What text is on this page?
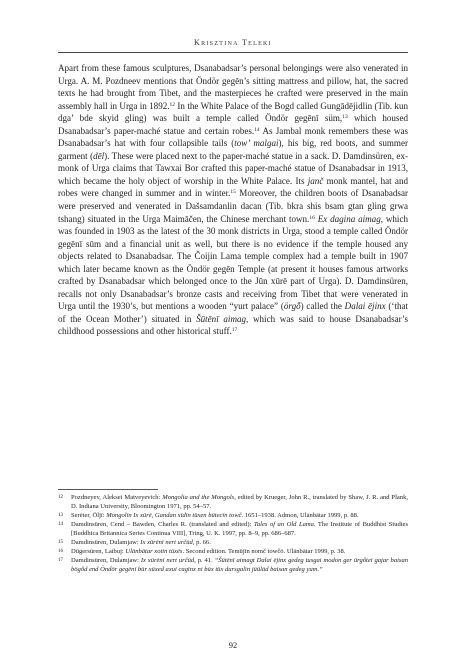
Krisztina Teleki

Apart from these famous sculptures, Dsanabadsar’s personal belongings were also venerated in Urga. A. M. Pozdneev mentions that Öndör gegēn’s sitting mattress and pillow, hat, the sacred texts he had brought from Tibet, and the masterpieces he crafted were preserved in the main assembly hall in Urga in 1892.12 In the White Palace of the Bogd called Gungādējidlin (Tib. kun dga’ bde skyid gling) was built a temple called Öndör gegēnī süm,$^{13}$ which housed Dsanabadsar’s paper-maché statue and certain robes.$^{14}$ As Jambal monk remembers these was Dsanabadsar’s hat with four collapsible tails (tow’ malgai), his big, red boots, and summer garment (dēl). These were placed next to the paper-maché statue in a sack. D. Damdinsüren, ex-monk of Urga claims that Tawxai Bor crafted this paper-maché statue of Dsanabadsar in 1913, which became the holy object of worship in the White Palace. Its janč monk mantel, hat and robes were changed in summer and in winter.$^{15}$ Moreover, the children boots of Dsanabadsar were preserved and venerated in Dašsamdanlin dacan (Tib. bkra shis bsam gtan gling grwa tshang) situated in the Urga Maimāčen, the Chinese merchant town.$^{16}$ Ex dagina aimag, which was founded in 1903 as the latest of the 30 monk districts in Urga, stood a temple called Öndör gegēnī sūm and a financial unit as well, but there is no evidence if the temple housed any objects related to Dsanabadsar. The Čoijin Lama temple complex had a temple built in 1907 which later became known as the Öndör gegēn Temple (at present it houses famous artworks crafted by Dsanabadsar which belonged once to the Jūn xūrē part of Urga). D. Damdinsüren, recalls not only Dsanabadsar’s bronze casts and receiving from Tibet that were venerated in Urga until the 1930’s, but mentions a wooden “yurt palace” (örgȫ) called the Dalai ējinx (‘that of the Ocean Mother’) situated in Šūtēnī aimag, which was said to house Dsanabadsar’s childhood possessions and other historical stuff.$^{17}$

12	Pozdneyev, Aleksei Matveyevich: Mongolia and the Mongols, edited by Krueger, John R., translated by Shaw, J. R. and Plank, D. Indiana University, Bloomington 1971, pp. 54–57.
13	Serēter, Öljī: Mongolīn Ix xürē, Gandan xīdīn tüxen būtecīn towč. 1651–1938. Admon, Ulānbātar 1999, p. 88.
14	Damdinsüren, Cend – Bawden, Charles R. (translated and edited): Tales of an Old Lama. The Institute of Buddhist Studies [Buddhica Britannica Series Continua VIII], Tring, U. K. 1997, pp. 8–9, pp. 686–687.
15	Damdinsüren, Dulamjaw: Ix xürēnī nert určūd, p. 66.
16	Dügersüren, Laibuj: Ulānbātar xotīn tüxēs. Second edition. Temüjīn nomč towčō. Ulānbātar 1999, p. 38.
17	Damdinsüren, Dulamjaw: Ix xürēnī nert určūd, p. 41. “Šūtēnī aimagt Dalai ējinx gedeg tusgai modon ger ürgȫtei gajar baisan bögȫd end Öndör gegēnī bür xüxed axui cagīnx ni būx tüx dursgalīn jüülād baisan gedeg yum.”
92
